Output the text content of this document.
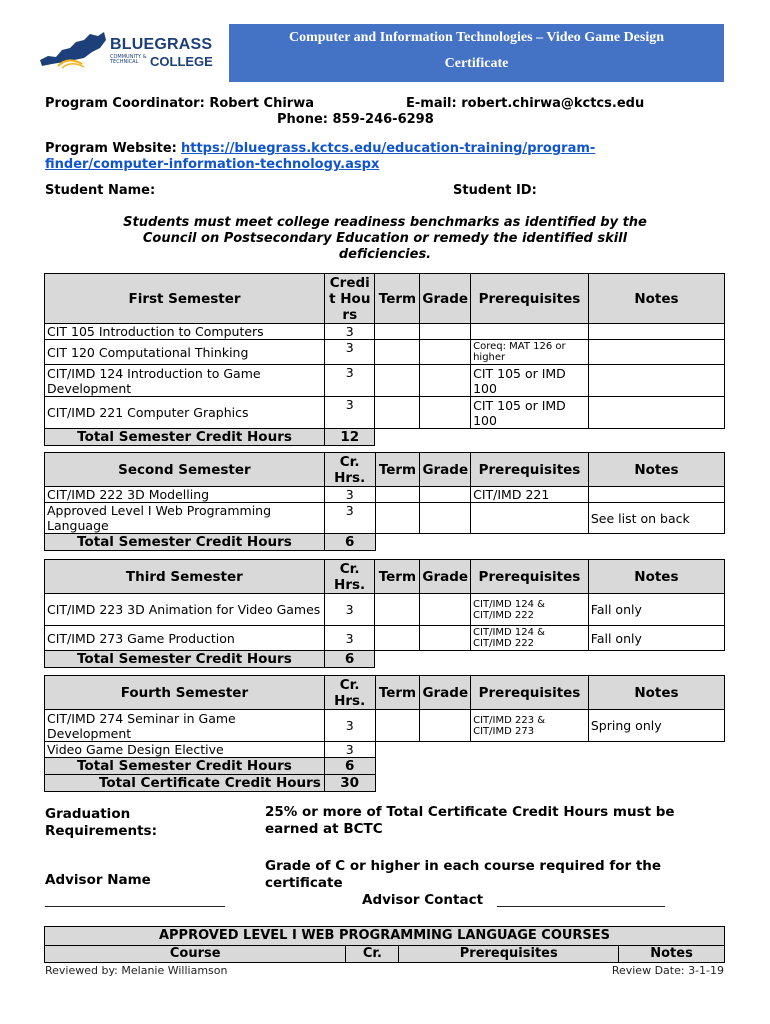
BLUEGRASS
COMMUNITY & TECHNICAL COLLEGE
Computer and Information Technologies – Video Game Design
Certificate
Program Coordinator: Robert Chirwa	E-mail: robert.chirwa@kctcs.edu
Phone: 859-246-6298
Program Website: https://bluegrass.kctcs.edu/education-training/program-
finder/computer-information-technology.aspx
Student Name:	Student ID:
Students must meet college readiness benchmarks as identified by the
Council on Postsecondary Education or remedy the identified skill
deficiencies.
First Semester	Credit Hours	Term	Grade	Prerequisites	Notes
CIT 105 Introduction to Computers	3				
CIT 120 Computational Thinking	3			Coreq: MAT 126 or higher	
CIT/IMD 124 Introduction to Game Development	3			CIT 105 or IMD 100	
CIT/IMD 221 Computer Graphics	3			CIT 105 or IMD 100	
Total Semester Credit Hours	12				
Second Semester	Cr. Hrs.	Term	Grade	Prerequisites	Notes
CIT/IMD 222 3D Modelling	3			CIT/IMD 221	
Approved Level I Web Programming Language	3				See list on back
Total Semester Credit Hours	6				
Third Semester	Cr. Hrs.	Term	Grade	Prerequisites	Notes
CIT/IMD 223 3D Animation for Video Games	3			CIT/IMD 124 & CIT/IMD 222	Fall only
CIT/IMD 273 Game Production	3			CIT/IMD 124 & CIT/IMD 222	Fall only
Total Semester Credit Hours	6				
Fourth Semester	Cr. Hrs.	Term	Grade	Prerequisites	Notes
CIT/IMD 274 Seminar in Game Development	3			CIT/IMD 223 & CIT/IMD 273	Spring only
Video Game Design Elective	3				
Total Semester Credit Hours	6				
Total Certificate Credit Hours	30				
Graduation
Requirements:
25% or more of Total Certificate Credit Hours must be
earned at BCTC
Grade of C or higher in each course required for the
certificate
Advisor Name
______________________________	Advisor Contact ____________________________
APPROVED LEVEL I WEB PROGRAMMING LANGUAGE COURSES
Course	Cr.	Prerequisites	Notes
Reviewed by: Melanie Williamson	Review Date: 3-1-19
